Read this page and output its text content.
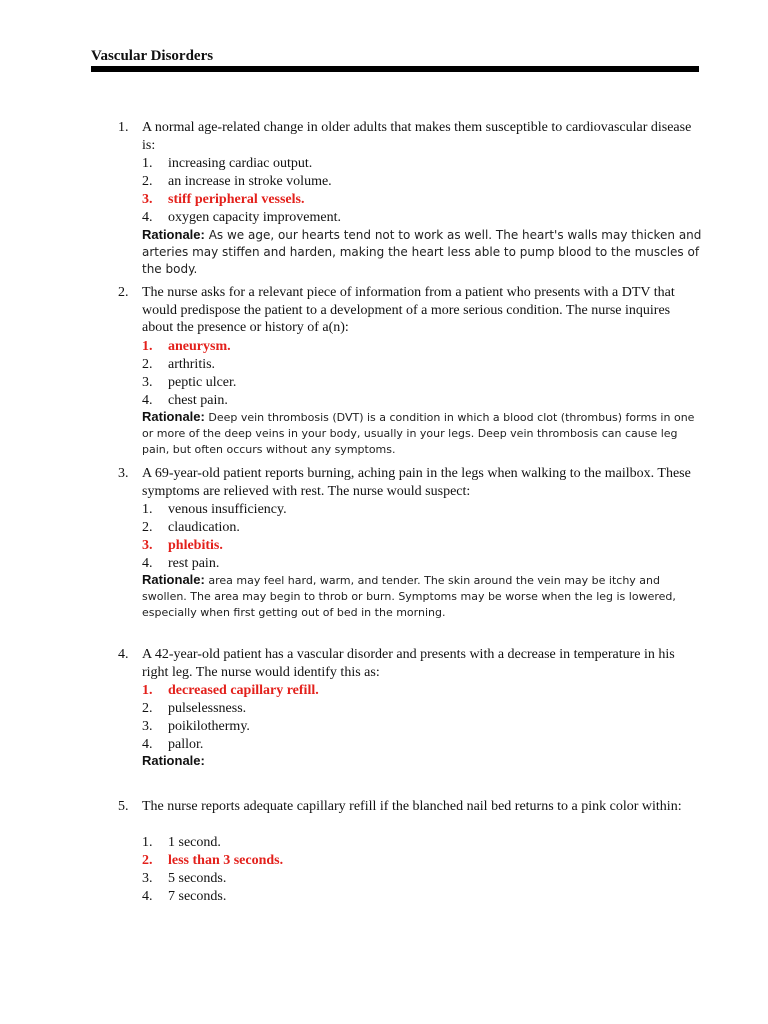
Vascular Disorders
1. A normal age-related change in older adults that makes them susceptible to cardiovascular disease is:
1. increasing cardiac output.
2. an increase in stroke volume.
3. stiff peripheral vessels.
4. oxygen capacity improvement.
Rationale: As we age, our hearts tend not to work as well. The heart's walls may thicken and arteries may stiffen and harden, making the heart less able to pump blood to the muscles of the body.
2. The nurse asks for a relevant piece of information from a patient who presents with a DTV that would predispose the patient to a development of a more serious condition. The nurse inquires about the presence or history of a(n):
1. aneurysm.
2. arthritis.
3. peptic ulcer.
4. chest pain.
Rationale: Deep vein thrombosis (DVT) is a condition in which a blood clot (thrombus) forms in one or more of the deep veins in your body, usually in your legs. Deep vein thrombosis can cause leg pain, but often occurs without any symptoms.
3. A 69-year-old patient reports burning, aching pain in the legs when walking to the mailbox. These symptoms are relieved with rest. The nurse would suspect:
1. venous insufficiency.
2. claudication.
3. phlebitis.
4. rest pain.
Rationale: area may feel hard, warm, and tender. The skin around the vein may be itchy and swollen. The area may begin to throb or burn. Symptoms may be worse when the leg is lowered, especially when first getting out of bed in the morning.
4. A 42-year-old patient has a vascular disorder and presents with a decrease in temperature in his right leg. The nurse would identify this as:
1. decreased capillary refill.
2. pulselessness.
3. poikilothermy.
4. pallor.
Rationale:
5. The nurse reports adequate capillary refill if the blanched nail bed returns to a pink color within:
1. 1 second.
2. less than 3 seconds.
3. 5 seconds.
4. 7 seconds.
